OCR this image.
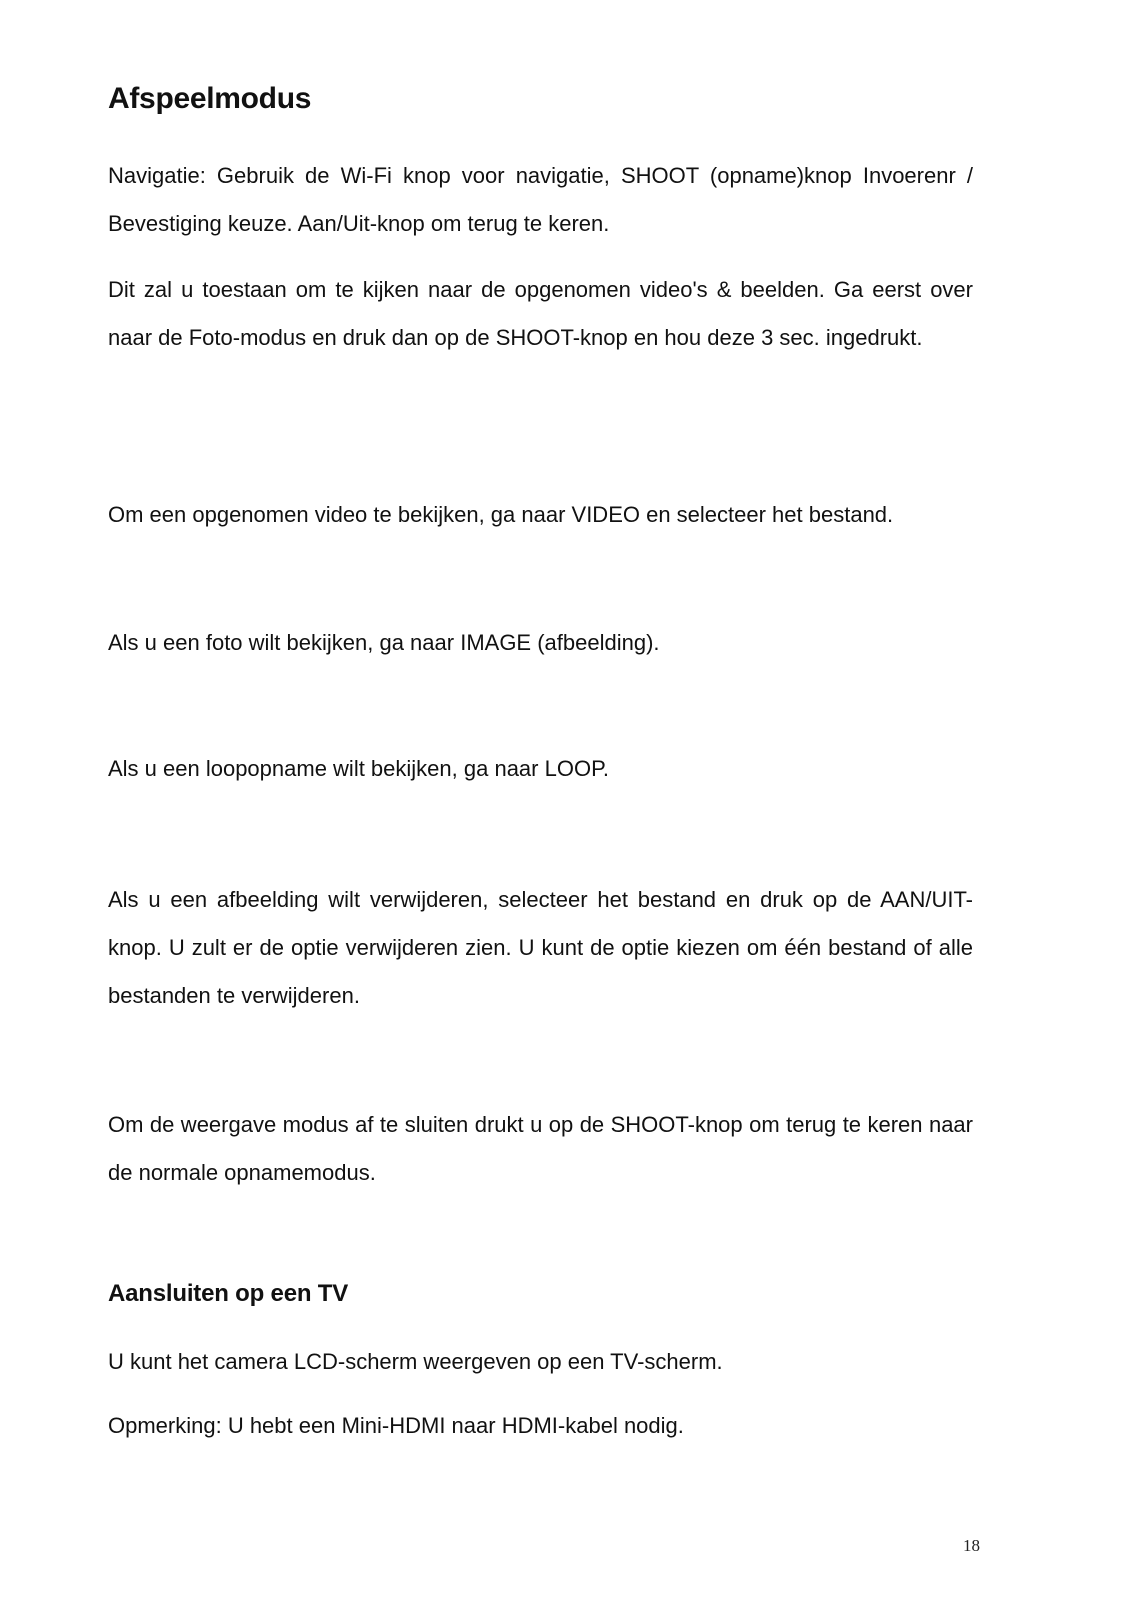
Afspeelmodus

Navigatie: Gebruik de Wi-Fi knop voor navigatie, SHOOT (opname)knop Invoerenr / Bevestiging keuze. Aan/Uit-knop om terug te keren.

Dit zal u toestaan om te kijken naar de opgenomen video's & beelden. Ga eerst over naar de Foto-modus en druk dan op de SHOOT-knop en hou deze 3 sec. ingedrukt.

Om een opgenomen video te bekijken, ga naar VIDEO en selecteer het bestand.

Als u een foto wilt bekijken, ga naar IMAGE (afbeelding).

Als u een loopopname wilt bekijken, ga naar LOOP.

Als u een afbeelding wilt verwijderen, selecteer het bestand en druk op de AAN/UIT-knop. U zult er de optie verwijderen zien. U kunt de optie kiezen om één bestand of alle bestanden te verwijderen.

Om de weergave modus af te sluiten drukt u op de SHOOT-knop om terug te keren naar de normale opnamemodus.

Aansluiten op een TV

U kunt het camera LCD-scherm weergeven op een TV-scherm.

Opmerking: U hebt een Mini-HDMI naar HDMI-kabel nodig.

18
